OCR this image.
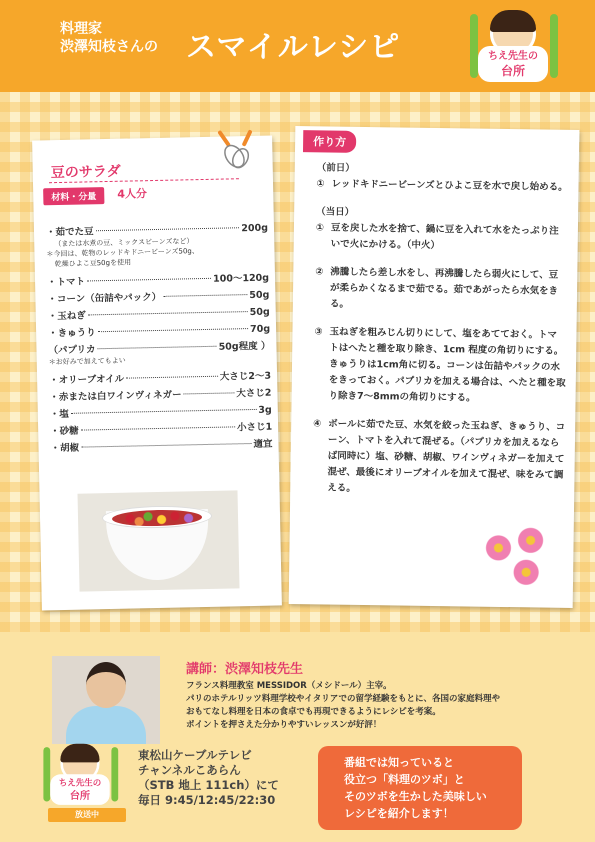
料理家
渋澤知枝さんの スマイルレシピ	ちえ先生の
台所
豆のサラダ
材料・分量	4人分
・茹でた豆	200g
（または水煮の豆、ミックスビーンズなど）
＊今回は、乾物のレッドキドニービーンズ50g、
乾燥ひよこ豆50gを使用
・トマト	100〜120g
・コーン（缶詰やパック）	50g
・玉ねぎ	50g
・きゅうり	70g
（パプリカ	50g程度 ）
＊お好みで加えてもよい
・オリーブオイル	大さじ2〜3
・赤または白ワインヴィネガー	大さじ2
・塩	3g
・砂糖	小さじ1
・胡椒	適宜
作り方
（前日）
① レッドキドニービーンズとひよこ豆を水で戻し始める。
（当日）
① 豆を戻した水を捨て、鍋に豆を入れて水をたっぷり注いで火にかける。（中火）
② 沸騰したら差し水をし、再沸騰したら弱火にして、豆が柔らかくなるまで茹でる。茹であがったら水気をきる。
③ 玉ねぎを粗みじん切りにして、塩をあてておく。トマトはへたと種を取り除き、1cm 程度の角切りにする。きゅうりは1cm角に切る。コーンは缶詰やパックの水をきっておく。パプリカを加える場合は、へたと種を取り除き7〜8mmの角切りにする。
④ ボールに茹でた豆、水気を絞った玉ねぎ、きゅうり、コーン、トマトを入れて混ぜる。（パプリカを加えるならば同時に）塩、砂糖、胡椒、ワインヴィネガーを加えて混ぜ、最後にオリーブオイルを加えて混ぜ、味をみて調える。
講師：渋澤知枝先生
フランス料理教室 MESSIDOR（メシドール）主宰。
パリのホテルリッツ料理学校やイタリアでの留学経験をもとに、各国の家庭料理や
おもてなし料理を日本の食卓でも再現できるようにレシピを考案。
ポイントを押さえた分かりやすいレッスンが好評！
ちえ先生の
台所
放送中
東松山ケーブルテレビ
チャンネルこあらん
（STB 地上 111ch）にて
毎日 9:45/12:45/22:30
番組では知っていると
役立つ「料理のツボ」と
そのツボを生かした美味しい
レシピを紹介します！
